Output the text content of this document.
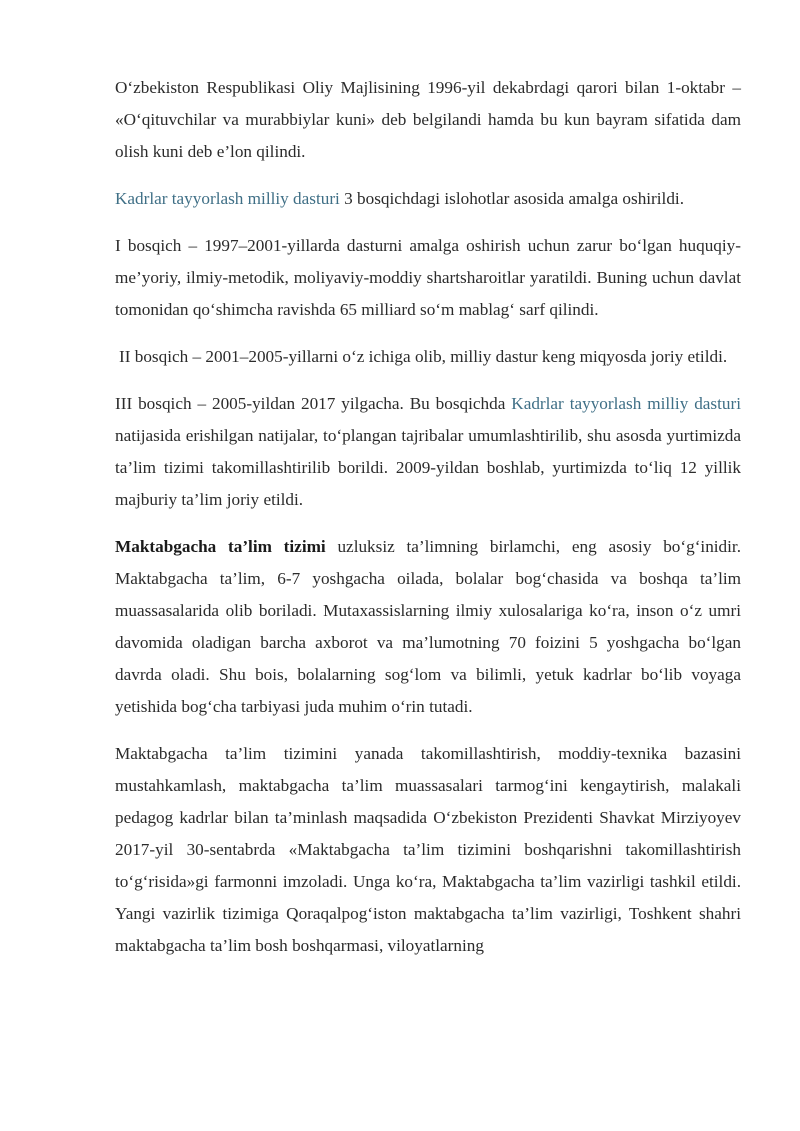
O‘zbekiston Respublikasi Oliy Majlisining 1996-yil dekabrdagi qarori bilan 1-oktabr – «O‘qituvchilar va murabbiylar kuni» deb belgilandi hamda bu kun bayram sifatida dam olish kuni deb e’lon qilindi.

Kadrlar tayyorlash milliy dasturi 3 bosqichdagi islohotlar asosida amalga oshirildi.

I bosqich – 1997–2001-yillarda dasturni amalga oshirish uchun zarur bo‘lgan huquqiy-me’yoriy, ilmiy-metodik, moliyaviy-moddiy shartsharoitlar yaratildi. Buning uchun davlat tomonidan qo‘shimcha ravishda 65 milliard so‘m mablag‘ sarf qilindi.

II bosqich – 2001–2005-yillarni o‘z ichiga olib, milliy dastur keng miqyosda joriy etildi.

III bosqich – 2005-yildan 2017 yilgacha. Bu bosqichda Kadrlar tayyorlash milliy dasturi natijasida erishilgan natijalar, to‘plangan tajribalar umumlashtirilib, shu asosda yurtimizda ta’lim tizimi takomillashtirilib borildi. 2009-yildan boshlab, yurtimizda to‘liq 12 yillik majburiy ta’lim joriy etildi.

Maktabgacha ta’lim tizimi uzluksiz ta’limning birlamchi, eng asosiy bo‘g‘inidir. Maktabgacha ta’lim, 6-7 yoshgacha oilada, bolalar bog‘chasida va boshqa ta’lim muassasalarida olib boriladi. Mutaxassislarning ilmiy xulosalariga ko‘ra, inson o‘z umri davomida oladigan barcha axborot va ma’lumotning 70 foizini 5 yoshgacha bo‘lgan davrda oladi. Shu bois, bolalarning sog‘lom va bilimli, yetuk kadrlar bo‘lib voyaga yetishida bog‘cha tarbiyasi juda muhim o‘rin tutadi.

Maktabgacha ta’lim tizimini yanada takomillashtirish, moddiy-texnika bazasini mustahkamlash, maktabgacha ta’lim muassasalari tarmog‘ini kengaytirish, malakali pedagog kadrlar bilan ta’minlash maqsadida O‘zbekiston Prezidenti Shavkat Mirziyoyev 2017-yil 30-sentabrda «Maktabgacha ta’lim tizimini boshqarishni takomillashtirish to‘g‘risida»gi farmonni imzoladi. Unga ko‘ra, Maktabgacha ta’lim vazirligi tashkil etildi. Yangi vazirlik tizimiga Qoraqalpog‘iston maktabgacha ta’lim vazirligi, Toshkent shahri maktabgacha ta’lim bosh boshqarmasi, viloyatlarning
